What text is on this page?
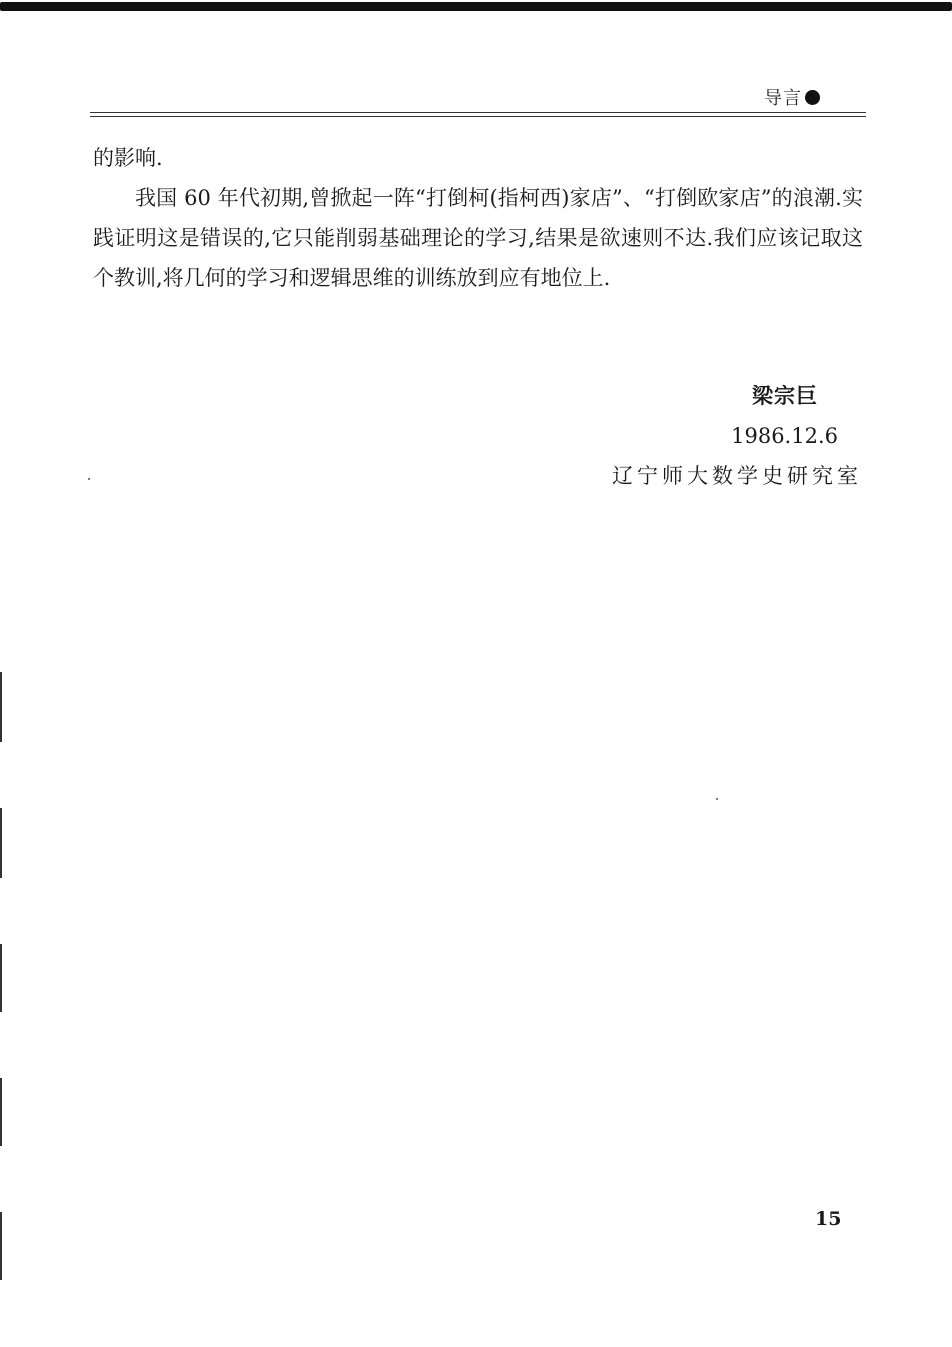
导言

的影响.

我国 60 年代初期,曾掀起一阵“打倒柯(指柯西)家店”、“打倒欧家店”的浪潮.实践证明这是错误的,它只能削弱基础理论的学习,结果是欲速则不达.我们应该记取这个教训,将几何的学习和逻辑思维的训练放到应有地位上.

梁宗巨
1986.12.6
辽宁师大数学史研究室
15
